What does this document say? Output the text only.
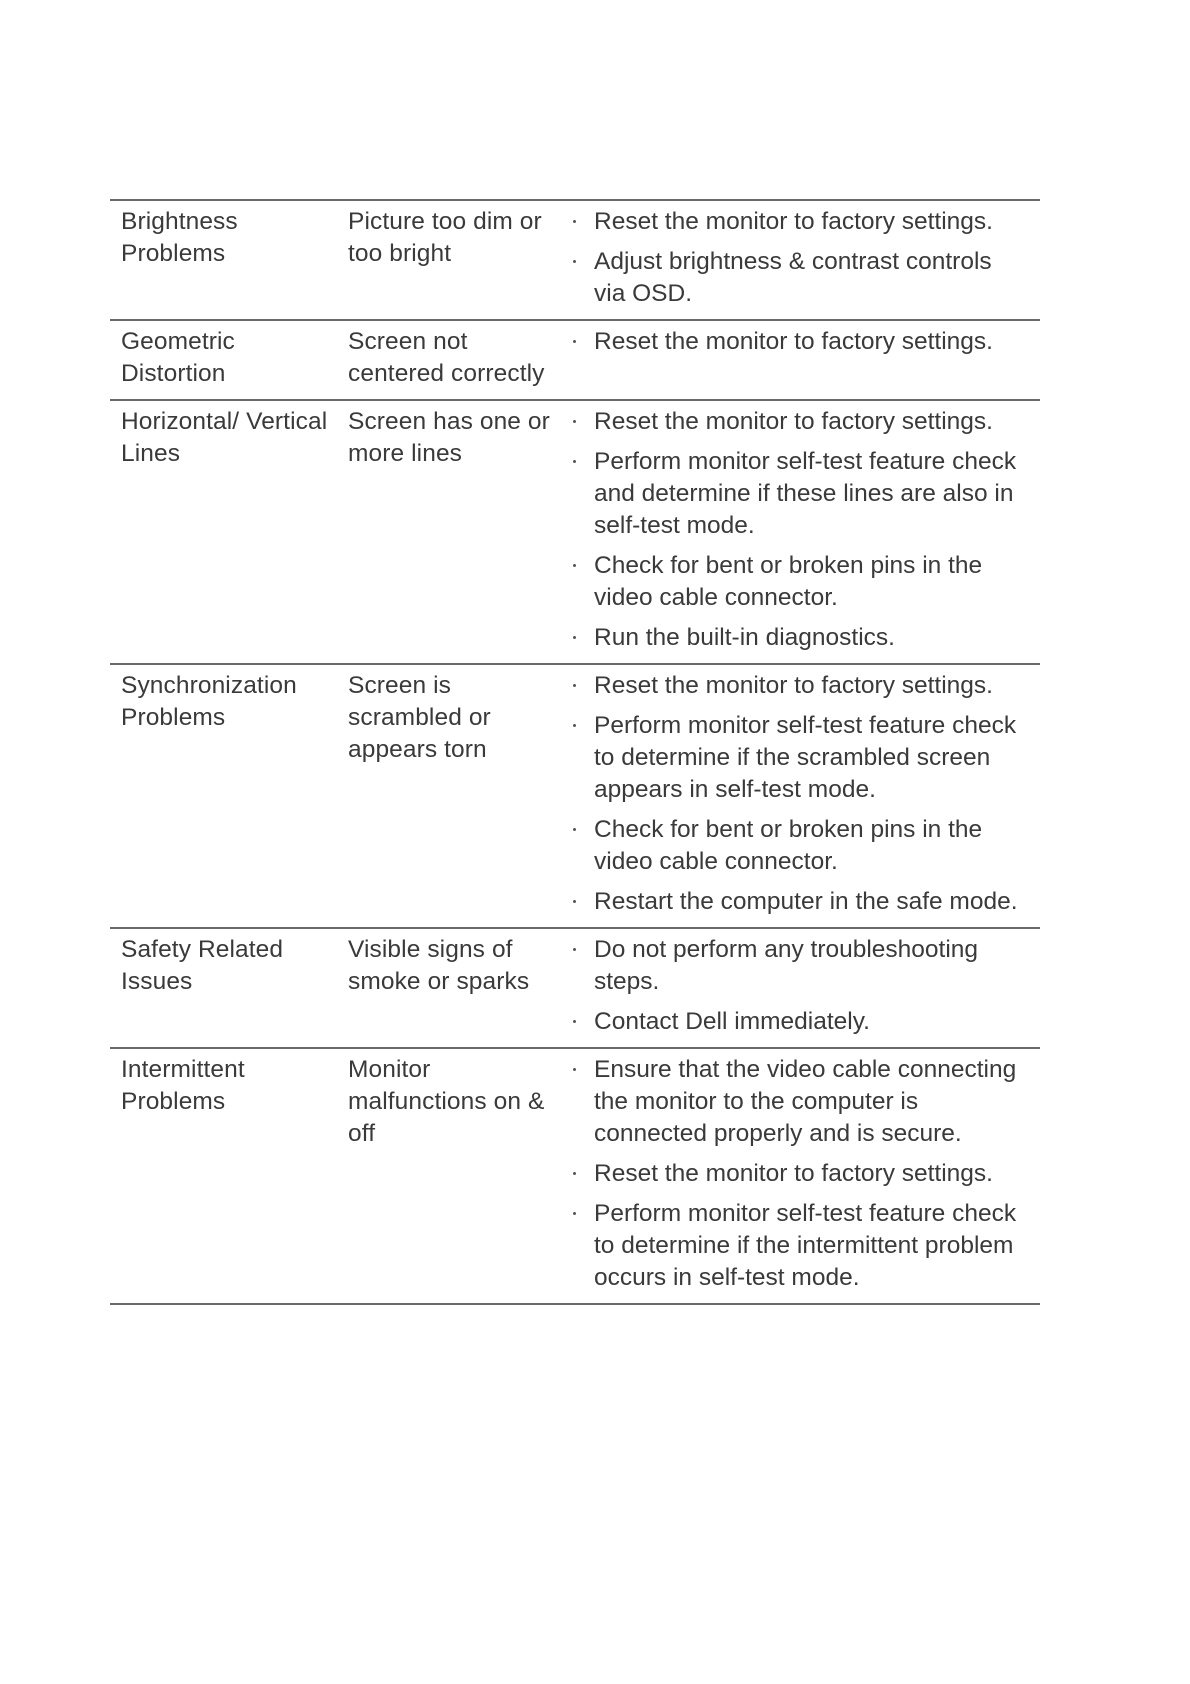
Brightness Problems
Picture too dim or too bright
Reset the monitor to factory settings.
Adjust brightness & contrast controls via OSD.
Geometric Distortion
Screen not centered correctly
Reset the monitor to factory settings.
Horizontal/ Vertical Lines
Screen has one or more lines
Reset the monitor to factory settings.
Perform monitor self-test feature check and determine if these lines are also in self-test mode.
Check for bent or broken pins in the video cable connector.
Run the built-in diagnostics.
Synchronization Problems
Screen is scrambled or appears torn
Reset the monitor to factory settings.
Perform monitor self-test feature check to determine if the scrambled screen appears in self-test mode.
Check for bent or broken pins in the video cable connector.
Restart the computer in the safe mode.
Safety Related Issues
Visible signs of smoke or sparks
Do not perform any troubleshooting steps.
Contact Dell immediately.
Intermittent Problems
Monitor malfunctions on & off
Ensure that the video cable connecting the monitor to the computer is connected properly and is secure.
Reset the monitor to factory settings.
Perform monitor self-test feature check to determine if the intermittent problem occurs in self-test mode.
